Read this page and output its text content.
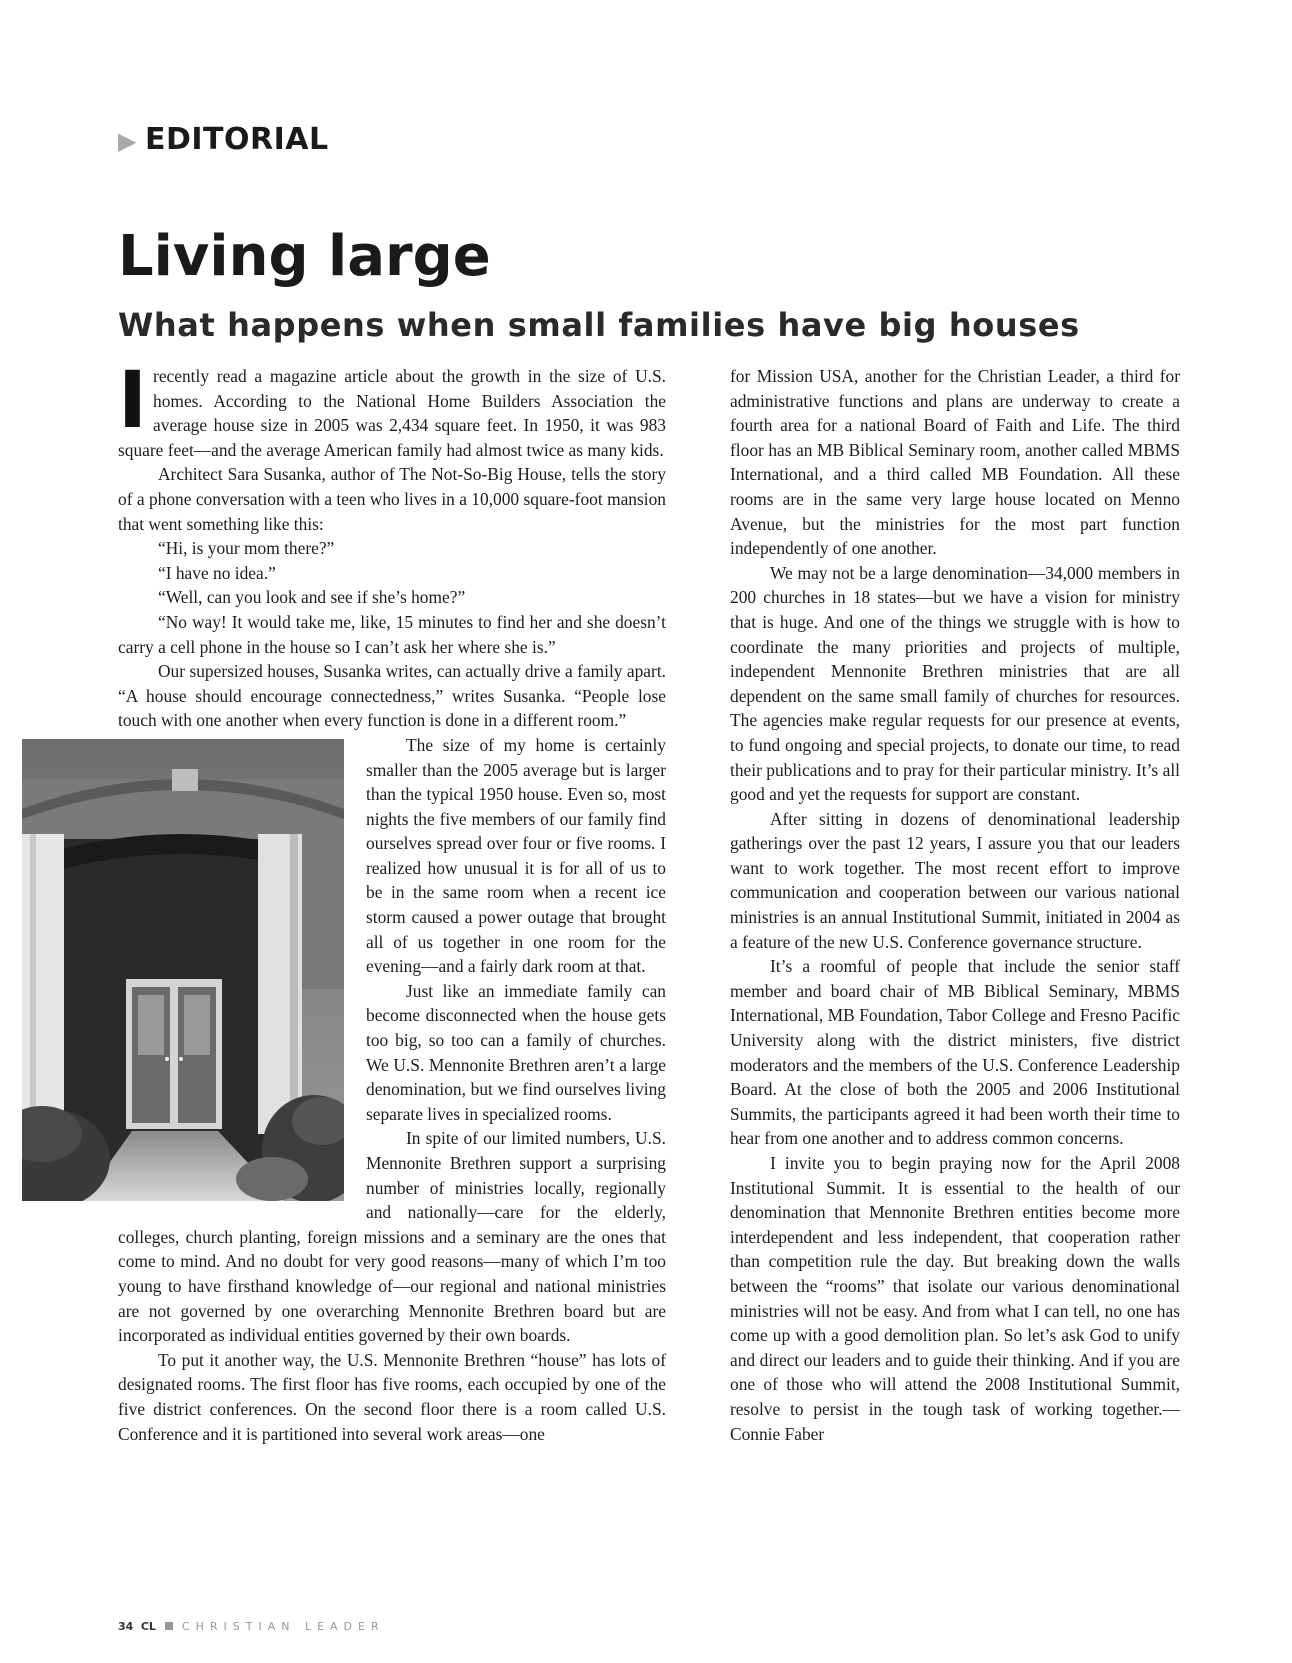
▶ EDITORIAL
Living large
What happens when small families have big houses

Irecently read a magazine article about the growth in the size of U.S. homes. According to the National Home Builders Association the average house size in 2005 was 2,434 square feet. In 1950, it was 983 square feet—and the average American family had almost twice as many kids.

Architect Sara Susanka, author of The Not-So-Big House, tells the story of a phone conversation with a teen who lives in a 10,000 square-foot mansion that went something like this:

“Hi, is your mom there?”

“I have no idea.”

“Well, can you look and see if she’s home?”

“No way! It would take me, like, 15 minutes to find her and she doesn’t carry a cell phone in the house so I can’t ask her where she is.”

Our supersized houses, Susanka writes, can actually drive a family apart. “A house should encourage connectedness,” writes Susanka. “People lose touch with one another when every function is done in a different room.”

The size of my home is certainly smaller than the 2005 average but is larger than the typical 1950 house. Even so, most nights the five members of our family find ourselves spread over four or five rooms. I realized how unusual it is for all of us to be in the same room when a recent ice storm caused a power outage that brought all of us together in one room for the evening—and a fairly dark room at that.

Just like an immediate family can become disconnected when the house gets too big, so too can a family of churches. We U.S. Mennonite Brethren aren’t a large denomination, but we find ourselves living separate lives in specialized rooms.

In spite of our limited numbers, U.S. Mennonite Brethren support a surprising number of ministries locally, regionally and nationally—care for the elderly, colleges, church planting, foreign missions and a seminary are the ones that come to mind. And no doubt for very good reasons—many of which I’m too young to have firsthand knowledge of—our regional and national ministries are not governed by one overarching Mennonite Brethren board but are incorporated as individual entities governed by their own boards.

To put it another way, the U.S. Mennonite Brethren “house” has lots of designated rooms. The first floor has five rooms, each occupied by one of the five district conferences. On the second floor there is a room called U.S. Conference and it is partitioned into several work areas—one

for Mission USA, another for the Christian Leader, a third for administrative functions and plans are underway to create a fourth area for a national Board of Faith and Life. The third floor has an MB Biblical Seminary room, another called MBMS International, and a third called MB Foundation. All these rooms are in the same very large house located on Menno Avenue, but the ministries for the most part function independently of one another.

We may not be a large denomination—34,000 members in 200 churches in 18 states—but we have a vision for ministry that is huge. And one of the things we struggle with is how to coordinate the many priorities and projects of multiple, independent Mennonite Brethren ministries that are all dependent on the same small family of churches for resources. The agencies make regular requests for our presence at events, to fund ongoing and special projects, to donate our time, to read their publications and to pray for their particular ministry. It’s all good and yet the requests for support are constant.

After sitting in dozens of denominational leadership gatherings over the past 12 years, I assure you that our leaders want to work together. The most recent effort to improve communication and cooperation between our various national ministries is an annual Institutional Summit, initiated in 2004 as a feature of the new U.S. Conference governance structure.

It’s a roomful of people that include the senior staff member and board chair of MB Biblical Seminary, MBMS International, MB Foundation, Tabor College and Fresno Pacific University along with the district ministers, five district moderators and the members of the U.S. Conference Leadership Board. At the close of both the 2005 and 2006 Institutional Summits, the participants agreed it had been worth their time to hear from one another and to address common concerns.

I invite you to begin praying now for the April 2008 Institutional Summit. It is essential to the health of our denomination that Mennonite Brethren entities become more interdependent and less independent, that cooperation rather than competition rule the day. But breaking down the walls between the “rooms” that isolate our various denominational ministries will not be easy. And from what I can tell, no one has come up with a good demolition plan. So let’s ask God to unify and direct our leaders and to guide their thinking. And if you are one of those who will attend the 2008 Institutional Summit, resolve to persist in the tough task of working together.—Connie Faber

34 CL CHRISTIAN LEADER
